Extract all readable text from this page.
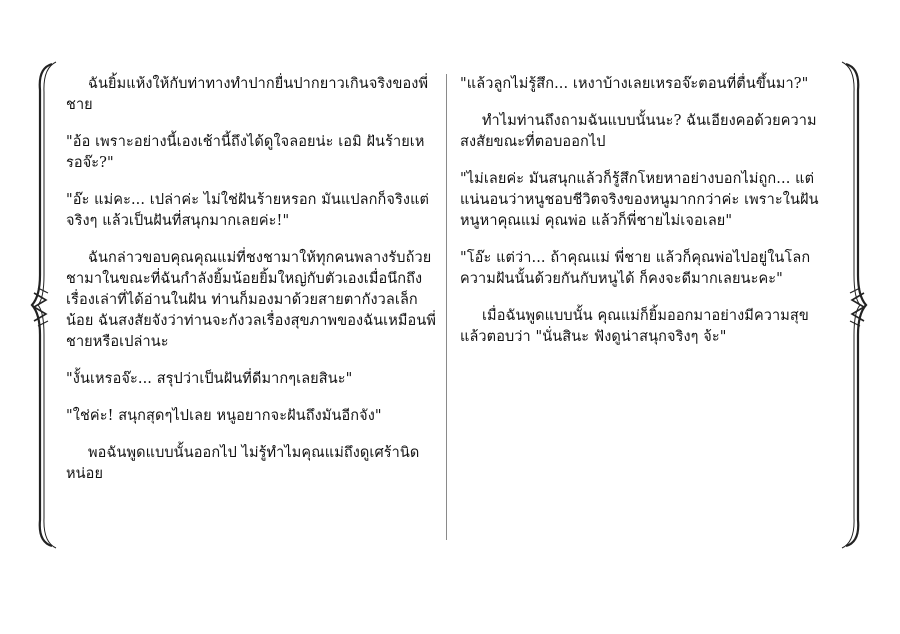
ฉันยิ้มแห้งให้กับท่าทางทำปากยื่นปากยาวเกินจริงของพี่ชาย

"อ้อ เพราะอย่างนี้เองเช้านี้ถึงได้ดูใจลอยน่ะ เอมิ ฝันร้ายเหรอจ๊ะ?"

"อ๊ะ แม่คะ... เปล่าค่ะ ไม่ใช่ฝันร้ายหรอก มันแปลกก็จริงแต่จริงๆ แล้วเป็นฝันที่สนุกมากเลยค่ะ!"

ฉันกล่าวขอบคุณคุณแม่ที่ชงชามาให้ทุกคนพลางรับถ้วยชามาในขณะที่ฉันกำลังยิ้มน้อยยิ้มใหญ่กับตัวเองเมื่อนึกถึงเรื่องเล่าที่ได้อ่านในฝัน ท่านก็มองมาด้วยสายตากังวลเล็กน้อย ฉันสงสัยจังว่าท่านจะกังวลเรื่องสุขภาพของฉันเหมือนพี่ชายหรือเปล่านะ

"งั้นเหรอจ๊ะ... สรุปว่าเป็นฝันที่ดีมากๆเลยสินะ"

"ใช่ค่ะ! สนุกสุดๆไปเลย หนูอยากจะฝันถึงมันอีกจัง"

พอฉันพูดแบบนั้นออกไป ไม่รู้ทำไมคุณแม่ถึงดูเศร้านิดหน่อย

"แล้วลูกไม่รู้สึก... เหงาบ้างเลยเหรอจ๊ะตอนที่ตื่นขึ้นมา?"

ทำไมท่านถึงถามฉันแบบนั้นนะ? ฉันเอียงคอด้วยความสงสัยขณะที่ตอบออกไป

"ไม่เลยค่ะ มันสนุกแล้วก็รู้สึกโหยหาอย่างบอกไม่ถูก... แต่แน่นอนว่าหนูชอบชีวิตจริงของหนูมากกว่าค่ะ เพราะในฝันหนูหาคุณแม่ คุณพ่อ แล้วก็พี่ชายไม่เจอเลย"

"โอ๊ะ แต่ว่า... ถ้าคุณแม่ พี่ชาย แล้วก็คุณพ่อไปอยู่ในโลกความฝันนั้นด้วยกันกับหนูได้ ก็คงจะดีมากเลยนะคะ"

เมื่อฉันพูดแบบนั้น คุณแม่ก็ยิ้มออกมาอย่างมีความสุขแล้วตอบว่า "นั่นสินะ ฟังดูน่าสนุกจริงๆ จ้ะ"
